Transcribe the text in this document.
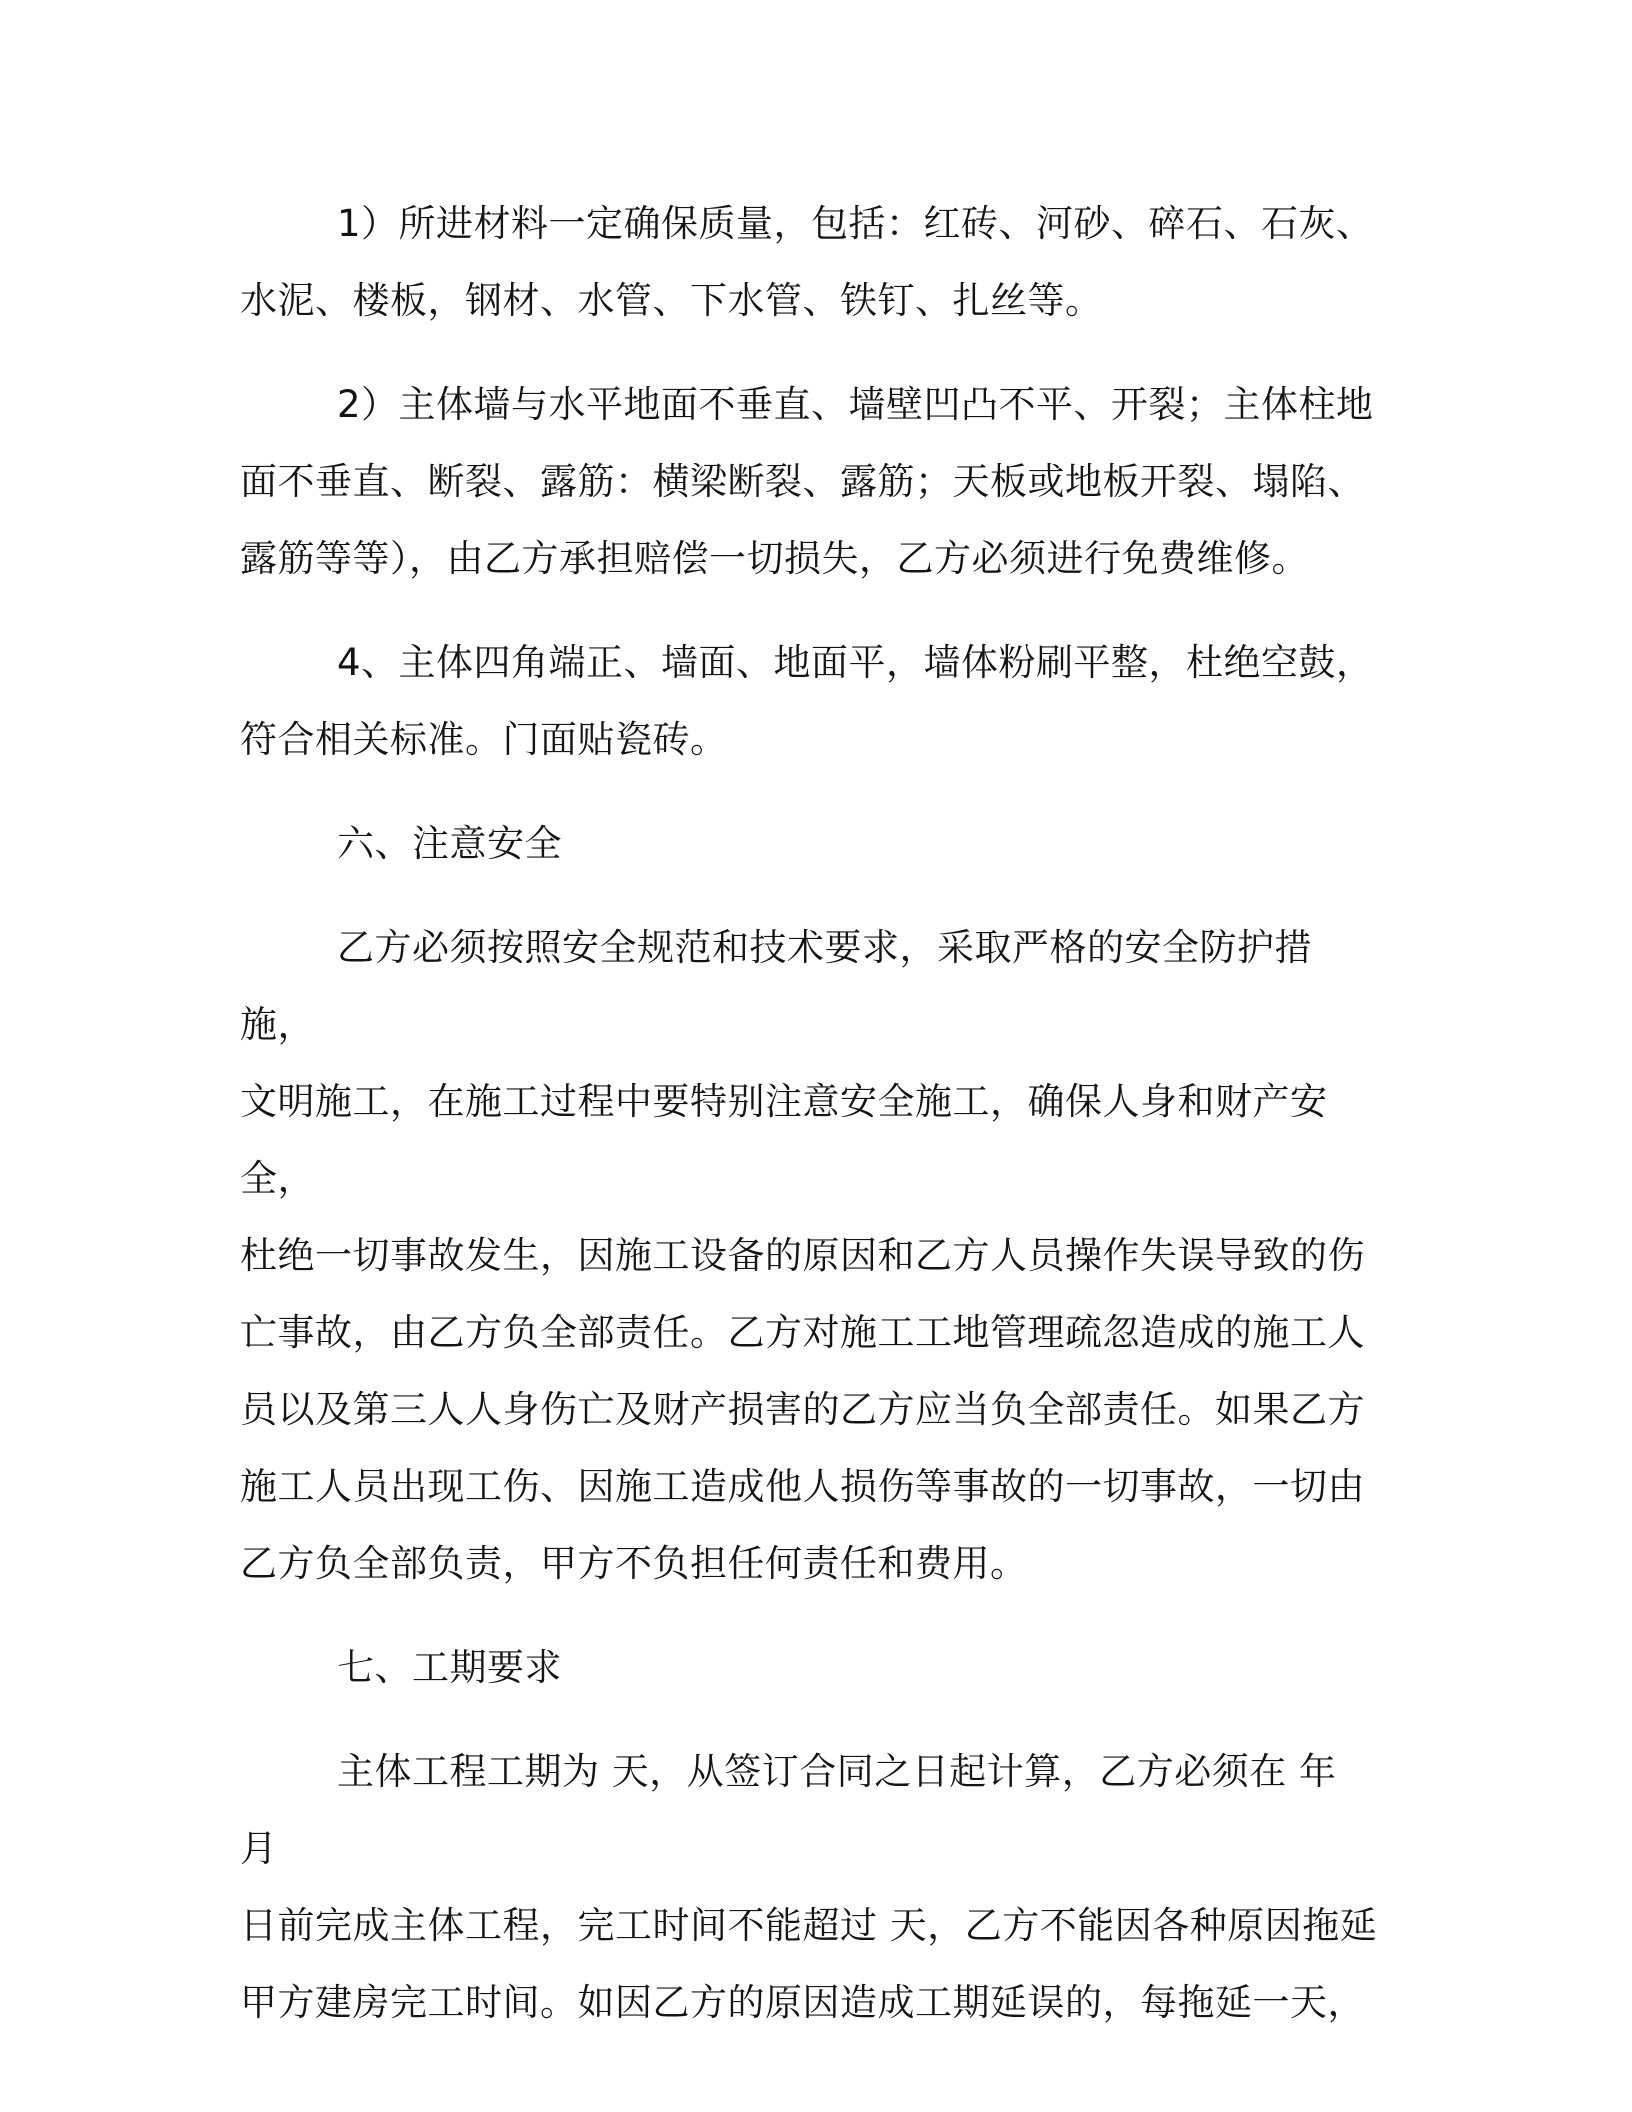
1）所进材料一定确保质量，包括：红砖、河砂、碎石、石灰、
水泥、楼板，钢材、水管、下水管、铁钉、扎丝等。
2）主体墙与水平地面不垂直、墙壁凹凸不平、开裂；主体柱地
面不垂直、断裂、露筋：横梁断裂、露筋；天板或地板开裂、塌陷、
露筋等等），由乙方承担赔偿一切损失，乙方必须进行免费维修。
4、主体四角端正、墙面、地面平，墙体粉刷平整，杜绝空鼓，
符合相关标准。门面贴瓷砖。
六、注意安全
乙方必须按照安全规范和技术要求，采取严格的安全防护措施，
文明施工，在施工过程中要特别注意安全施工，确保人身和财产安全，
杜绝一切事故发生，因施工设备的原因和乙方人员操作失误导致的伤
亡事故，由乙方负全部责任。乙方对施工工地管理疏忽造成的施工人
员以及第三人人身伤亡及财产损害的乙方应当负全部责任。如果乙方
施工人员出现工伤、因施工造成他人损伤等事故的一切事故，一切由
乙方负全部负责，甲方不负担任何责任和费用。
七、工期要求
主体工程工期为 天，从签订合同之日起计算，乙方必须在 年 月
日前完成主体工程，完工时间不能超过 天，乙方不能因各种原因拖延
甲方建房完工时间。如因乙方的原因造成工期延误的，每拖延一天，
